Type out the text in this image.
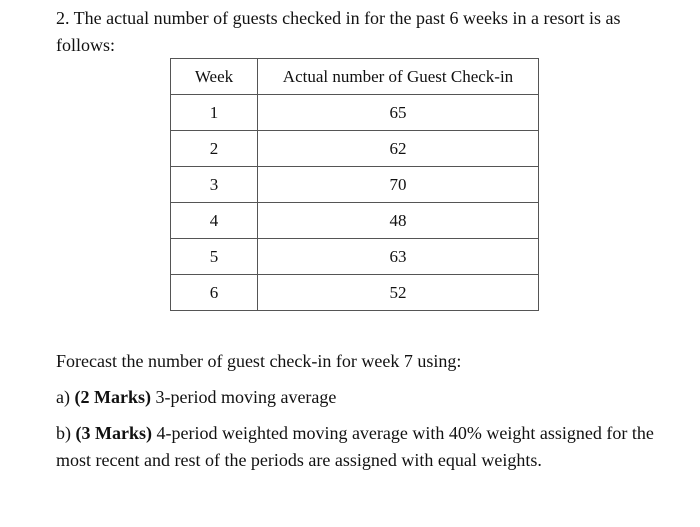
2. The actual number of guests checked in for the past 6 weeks in a resort is as follows:
Week	Actual number of Guest Check-in
1	65
2	62
3	70
4	48
5	63
6	52
Forecast the number of guest check-in for week 7 using:
a) (2 Marks) 3-period moving average
b) (3 Marks) 4-period weighted moving average with 40% weight assigned for the most recent and rest of the periods are assigned with equal weights.
